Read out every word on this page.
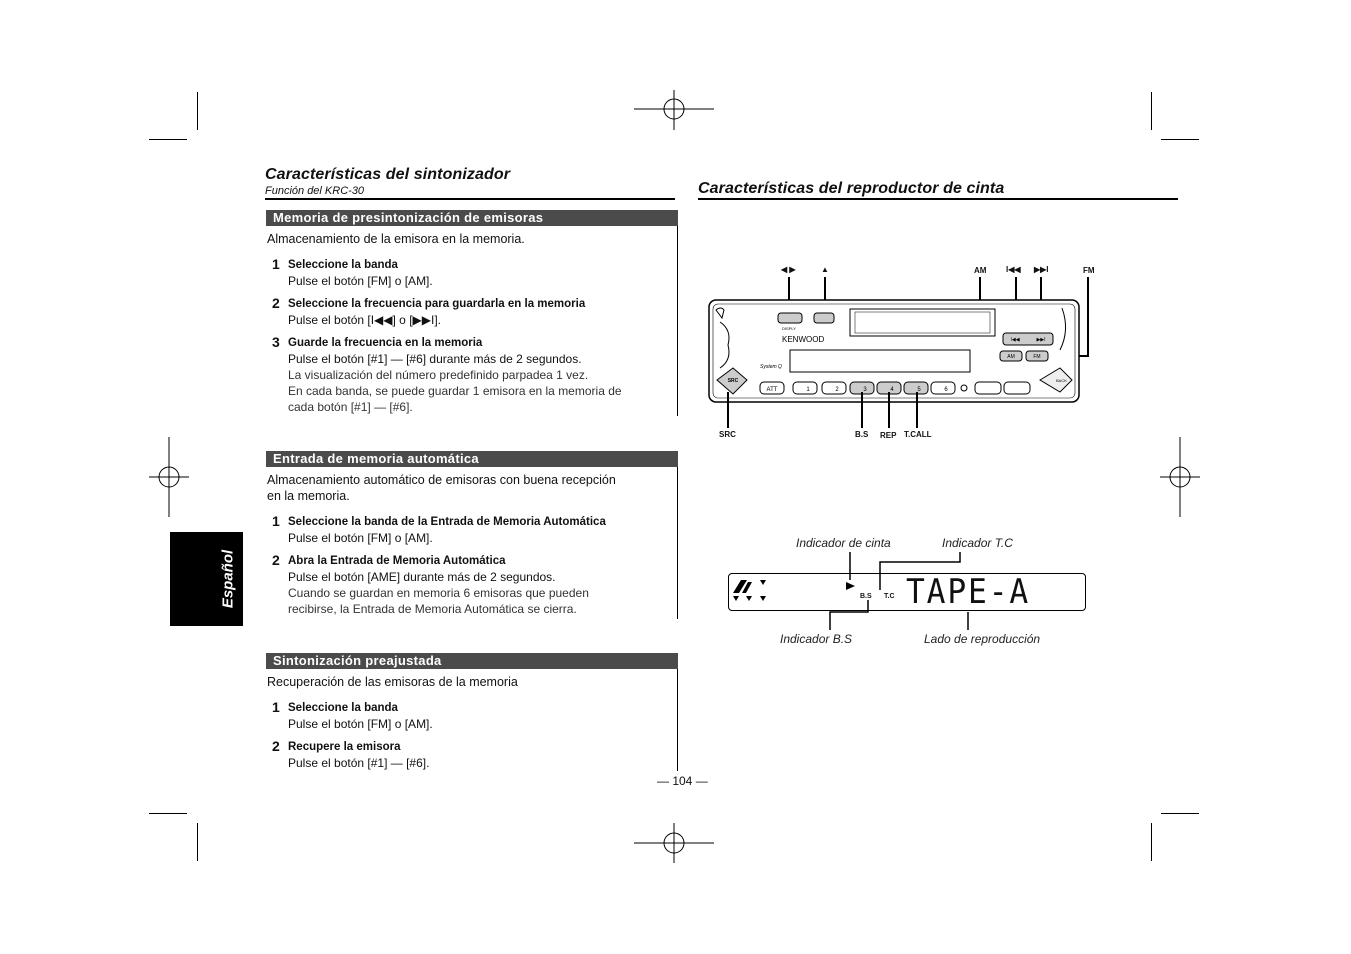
Español
Características del sintonizador
Función del KRC-30
Memoria de presintonización de emisoras
Almacenamiento de la emisora en la memoria.
1 Seleccione la banda
Pulse el botón [FM] o [AM].
2 Seleccione la frecuencia para guardarla en la memoria
Pulse el botón [I◀◀] o [▶▶I].
3 Guarde la frecuencia en la memoria
Pulse el botón [#1] — [#6] durante más de 2 segundos.
La visualización del número predefinido parpadea 1 vez.
En cada banda, se puede guardar 1 emisora en la memoria de
cada botón [#1] — [#6].
Entrada de memoria automática
Almacenamiento automático de emisoras con buena recepción
en la memoria.
1 Seleccione la banda de la Entrada de Memoria Automática
Pulse el botón [FM] o [AM].
2 Abra la Entrada de Memoria Automática
Pulse el botón [AME] durante más de 2 segundos.
Cuando se guardan en memoria 6 emisoras que pueden
recibirse, la Entrada de Memoria Automática se cierra.
Sintonización preajustada
Recuperación de las emisoras de la memoria
1 Seleccione la banda
Pulse el botón [FM] o [AM].
2 Recupere la emisora
Pulse el botón [#1] — [#6].
— 104 —
Características del reproductor de cinta
◀ ▶	▲	AM I◀◀ ▶▶I	FM
SRC	B.S REP T.CALL
DISPLY
KENWOOD
System Q
I◀◀	▶▶I
AM	FM
BACK
SRC
ATT	1	2	3	4	5	6
Indicador de cinta	Indicador T.C
Indicador B.S	Lado de reproducción
B.S T.C TAPE-A
